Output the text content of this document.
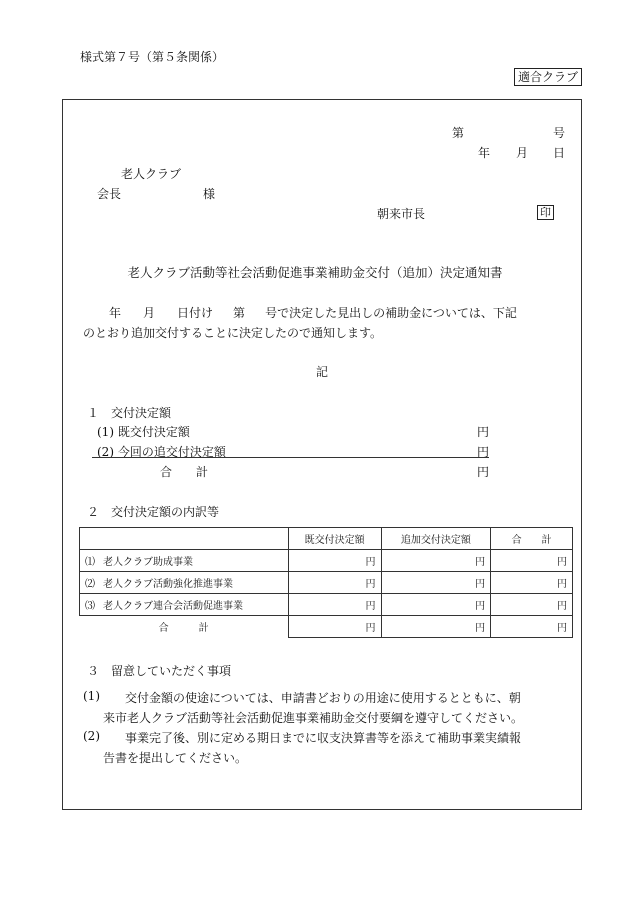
様式第７号（第５条関係）
適合クラブ
第	号
年 月 日
老人クラブ
会長	様
朝来市長	印
老人クラブ活動等社会活動促進事業補助金交付（追加）決定通知書
年 月 日付け 第 号で決定した見出しの補助金については、下記
のとおり追加交付することに決定したので通知します。
記
１　交付決定額
(1) 既交付決定額	円
(2) 今回の追交付決定額	円
合　　計	円
２　交付決定額の内訳等
	既交付決定額	追加交付決定額	合　　計
⑴ 老人クラブ助成事業	円	円	円
⑵ 老人クラブ活動強化推進事業	円	円	円
⑶ 老人クラブ連合会活動促進事業	円	円	円
合　　　計	円	円	円
３　留意していただく事項
(1) 交付金額の使途については、申請書どおりの用途に使用するとともに、朝
来市老人クラブ活動等社会活動促進事業補助金交付要綱を遵守してください。
(2) 事業完了後、別に定める期日までに収支決算書等を添えて補助事業実績報
告書を提出してください。
